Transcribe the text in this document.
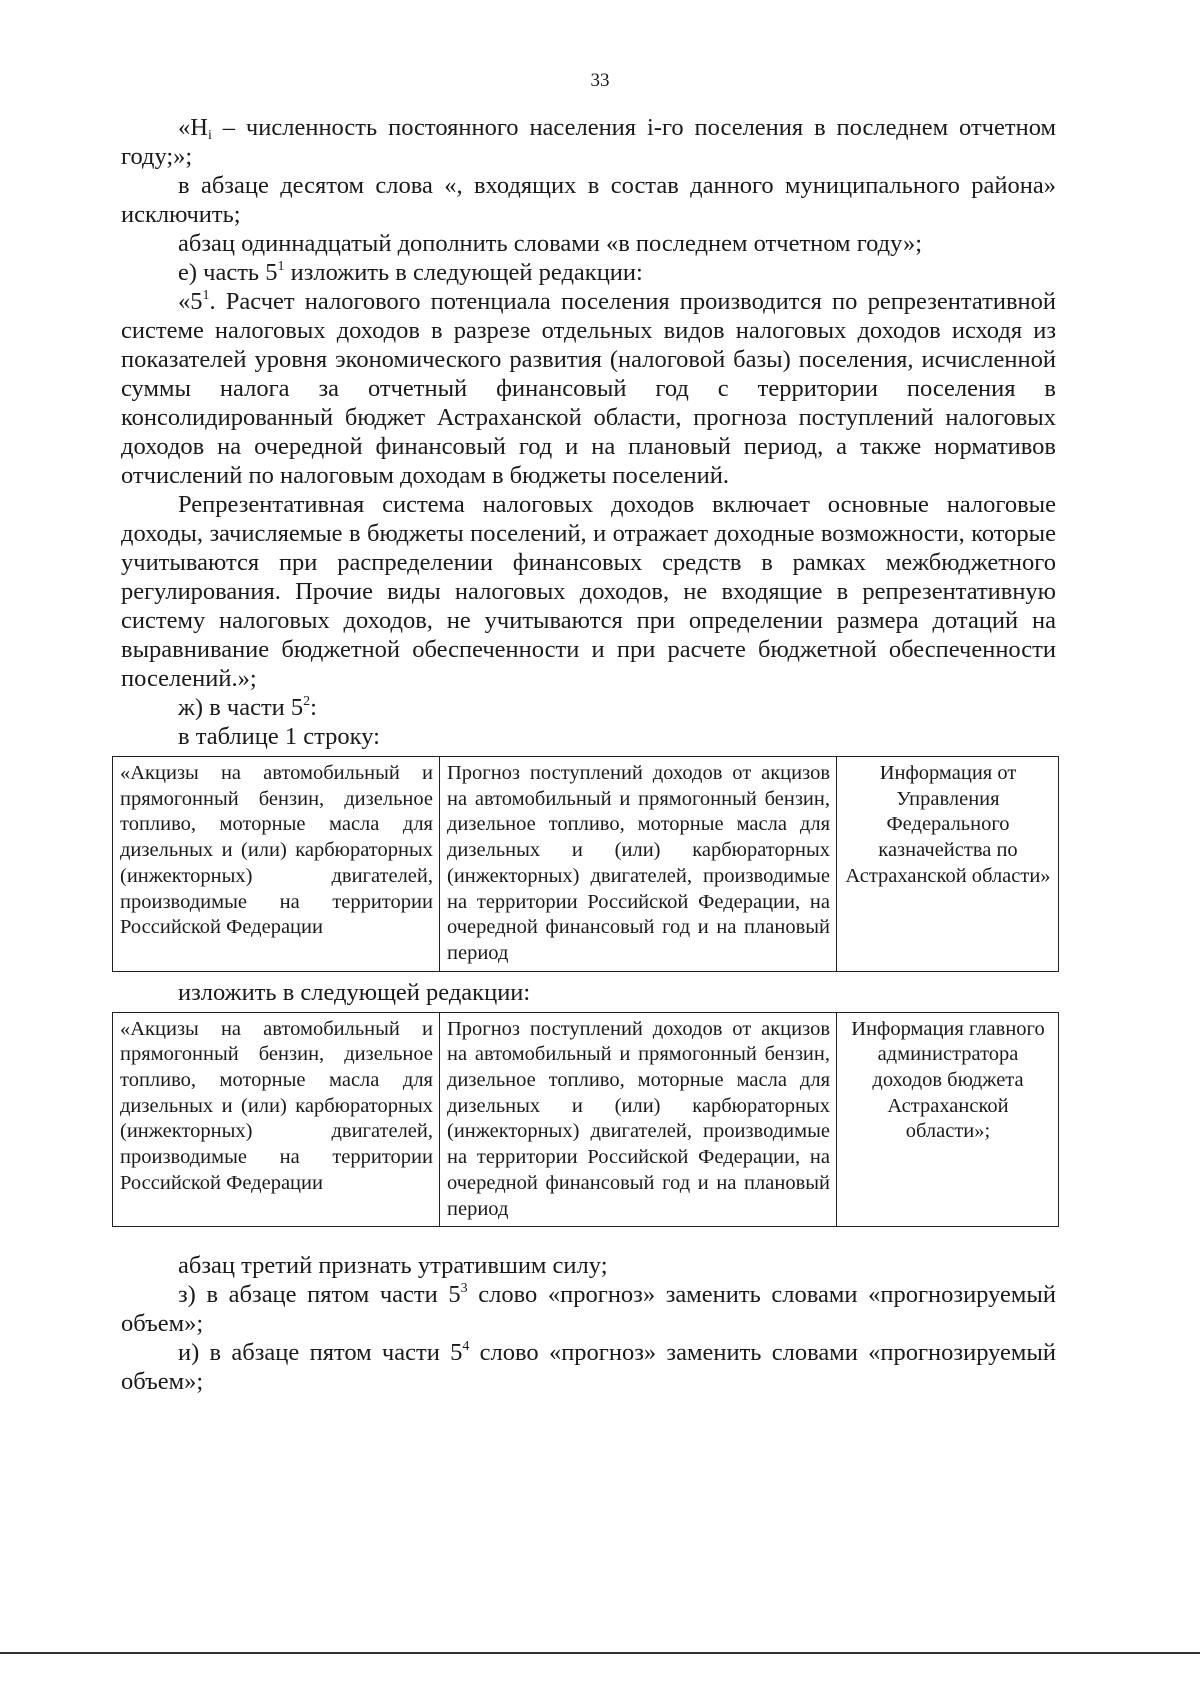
33

«$Н_i$ – численность постоянного населения i-го поселения в последнем отчетном году;»;

в абзаце десятом слова «, входящих в состав данного муниципального района» исключить;

абзац одиннадцатый дополнить словами «в последнем отчетном году»;

е) часть $5^1$ изложить в следующей редакции:

«$5^1$. Расчет налогового потенциала поселения производится по репрезентативной системе налоговых доходов в разрезе отдельных видов налоговых доходов исходя из показателей уровня экономического развития (налоговой базы) поселения, исчисленной суммы налога за отчетный финансовый год с территории поселения в консолидированный бюджет Астраханской области, прогноза поступлений налоговых доходов на очередной финансовый год и на плановый период, а также нормативов отчислений по налоговым доходам в бюджеты поселений.

Репрезентативная система налоговых доходов включает основные налоговые доходы, зачисляемые в бюджеты поселений, и отражает доходные возможности, которые учитываются при распределении финансовых средств в рамках межбюджетного регулирования. Прочие виды налоговых доходов, не входящие в репрезентативную систему налоговых доходов, не учитываются при определении размера дотаций на выравнивание бюджетной обеспеченности и при расчете бюджетной обеспеченности поселений.»;

ж) в части $5^2$:

в таблице 1 строку:

«Акцизы на автомобильный и прямогонный бензин, дизельное топливо, моторные масла для дизельных и (или) карбюраторных (инжекторных) двигателей, производимые на территории Российской Федерации	Прогноз поступлений доходов от акцизов на автомобильный и прямогонный бензин, дизельное топливо, моторные масла для дизельных и (или) карбюраторных (инжекторных) двигателей, производимые на территории Российской Федерации, на очередной финансовый год и на плановый период	Информация от Управления Федерального казначейства по Астраханской области»

изложить в следующей редакции:

«Акцизы на автомобильный и прямогонный бензин, дизельное топливо, моторные масла для дизельных и (или) карбюраторных (инжекторных) двигателей, производимые на территории Российской Федерации	Прогноз поступлений доходов от акцизов на автомобильный и прямогонный бензин, дизельное топливо, моторные масла для дизельных и (или) карбюраторных (инжекторных) двигателей, производимые на территории Российской Федерации, на очередной финансовый год и на плановый период	Информация главного администратора доходов бюджета Астраханской области»;

абзац третий признать утратившим силу;

з) в абзаце пятом части $5^3$ слово «прогноз» заменить словами «прогнозируемый объем»;

и) в абзаце пятом части $5^4$ слово «прогноз» заменить словами «прогнозируемый объем»;
